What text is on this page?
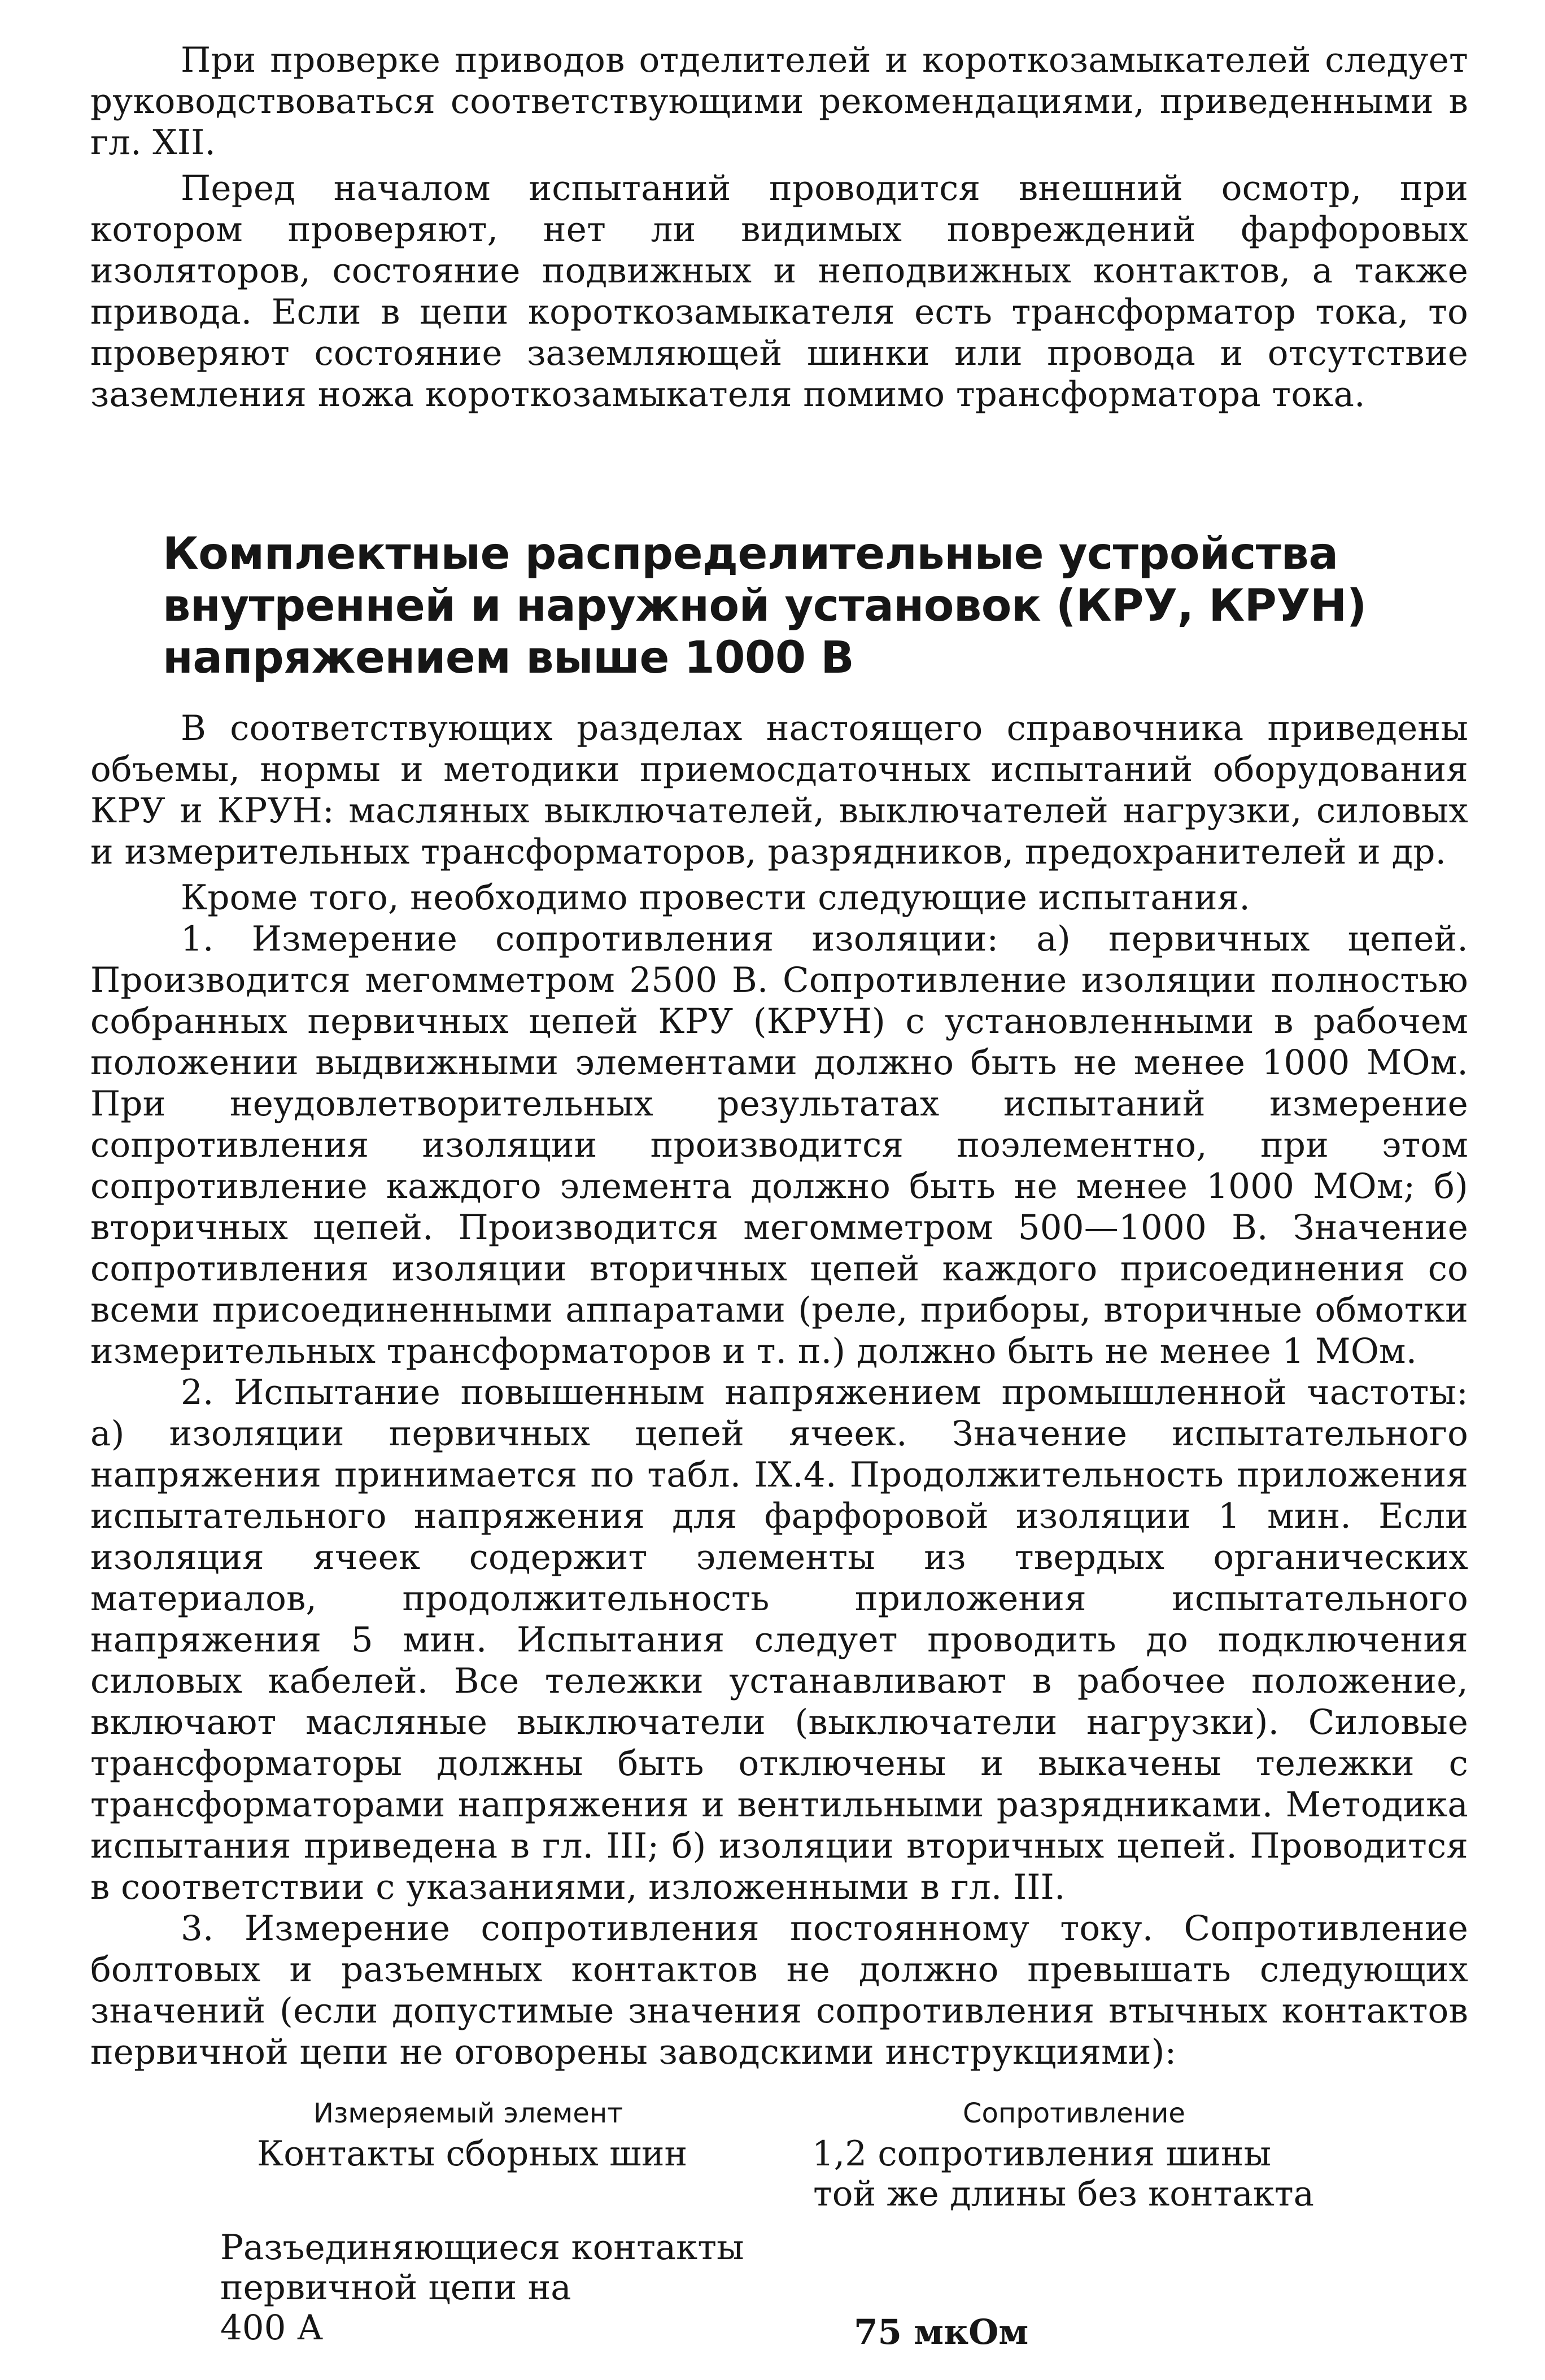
При проверке приводов отделителей и короткозамыкателей следует руководствоваться соответствующими рекомендациями, приведенными в гл. XII.

Перед началом испытаний проводится внешний осмотр, при котором проверяют, нет ли видимых повреждений фарфоровых изоляторов, состояние подвижных и неподвижных контактов, а также привода. Если в цепи короткозамыкателя есть трансформатор тока, то проверяют состояние заземляющей шинки или провода и отсутствие заземления ножа короткозамыкателя помимо трансформатора тока.

Комплектные распределительные устройства
внутренней и наружной установок (КРУ, КРУН)
напряжением выше 1000 В

В соответствующих разделах настоящего справочника приведены объемы, нормы и методики приемосдаточных испытаний оборудования КРУ и КРУН: масляных выключателей, выключателей нагрузки, силовых и измерительных трансформаторов, разрядников, предохранителей и др.

Кроме того, необходимо провести следующие испытания.

1. Измерение сопротивления изоляции: а) первичных цепей. Производится мегомметром 2500 В. Сопротивление изоляции полностью собранных первичных цепей КРУ (КРУН) с установленными в рабочем положении выдвижными элементами должно быть не менее 1000 МОм. При неудовлетворительных результатах испытаний измерение сопротивления изоляции производится поэлементно, при этом сопротивление каждого элемента должно быть не менее 1000 МОм; б) вторичных цепей. Производится мегомметром 500—1000 В. Значение сопротивления изоляции вторичных цепей каждого присоединения со всеми присоединенными аппаратами (реле, приборы, вторичные обмотки измерительных трансформаторов и т. п.) должно быть не менее 1 МОм.

2. Испытание повышенным напряжением промышленной частоты: а) изоляции первичных цепей ячеек. Значение испытательного напряжения принимается по табл. IX.4. Продолжительность приложения испытательного напряжения для фарфоровой изоляции 1 мин. Если изоляция ячеек содержит элементы из твердых органических материалов, продолжительность приложения испытательного напряжения 5 мин. Испытания следует проводить до подключения силовых кабелей. Все тележки устанавливают в рабочее положение, включают масляные выключатели (выключатели нагрузки). Силовые трансформаторы должны быть отключены и выкачены тележки с трансформаторами напряжения и вентильными разрядниками. Методика испытания приведена в гл. III; б) изоляции вторичных цепей. Проводится в соответствии с указаниями, изложенными в гл. III.

3. Измерение сопротивления постоянному току. Сопротивление болтовых и разъемных контактов не должно превышать следующих значений (если допустимые значения сопротивления втычных контактов первичной цепи не оговорены заводскими инструкциями):

Измеряемый элемент	Сопротивление
Контакты сборных шин	1,2 сопротивления шины
той же длины без контакта
Разъединяющиеся контакты
первичной цепи на
400 А	75 мкОм
